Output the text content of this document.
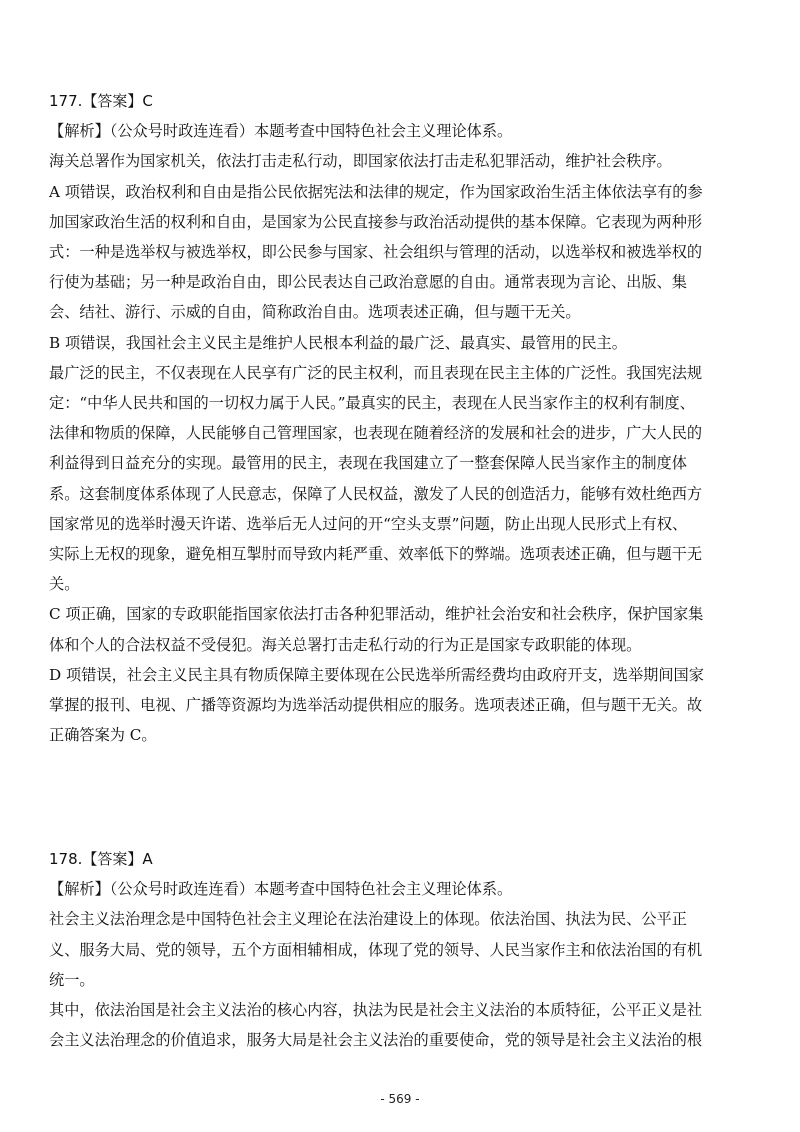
177.【答案】C
【解析】（公众号时政连连看）本题考查中国特色社会主义理论体系。
海关总署作为国家机关，依法打击走私行动，即国家依法打击走私犯罪活动，维护社会秩序。
A 项错误，政治权利和自由是指公民依据宪法和法律的规定，作为国家政治生活主体依法享有的参
加国家政治生活的权利和自由，是国家为公民直接参与政治活动提供的基本保障。它表现为两种形
式：一种是选举权与被选举权，即公民参与国家、社会组织与管理的活动，以选举权和被选举权的
行使为基础；另一种是政治自由，即公民表达自己政治意愿的自由。通常表现为言论、出版、集
会、结社、游行、示威的自由，简称政治自由。选项表述正确，但与题干无关。
B 项错误，我国社会主义民主是维护人民根本利益的最广泛、最真实、最管用的民主。
最广泛的民主，不仅表现在人民享有广泛的民主权利，而且表现在民主主体的广泛性。我国宪法规
定：“中华人民共和国的一切权力属于人民。”最真实的民主，表现在人民当家作主的权利有制度、
法律和物质的保障，人民能够自己管理国家，也表现在随着经济的发展和社会的进步，广大人民的
利益得到日益充分的实现。最管用的民主，表现在我国建立了一整套保障人民当家作主的制度体
系。这套制度体系体现了人民意志，保障了人民权益，激发了人民的创造活力，能够有效杜绝西方
国家常见的选举时漫天许诺、选举后无人过问的开“空头支票”问题，防止出现人民形式上有权、
实际上无权的现象，避免相互掣肘而导致内耗严重、效率低下的弊端。选项表述正确，但与题干无
关。
C 项正确，国家的专政职能指国家依法打击各种犯罪活动，维护社会治安和社会秩序，保护国家集
体和个人的合法权益不受侵犯。海关总署打击走私行动的行为正是国家专政职能的体现。
D 项错误，社会主义民主具有物质保障主要体现在公民选举所需经费均由政府开支，选举期间国家
掌握的报刊、电视、广播等资源均为选举活动提供相应的服务。选项表述正确，但与题干无关。故
正确答案为 C。
178.【答案】A
【解析】（公众号时政连连看）本题考查中国特色社会主义理论体系。
社会主义法治理念是中国特色社会主义理论在法治建设上的体现。依法治国、执法为民、公平正
义、服务大局、党的领导，五个方面相辅相成，体现了党的领导、人民当家作主和依法治国的有机
统一。
其中，依法治国是社会主义法治的核心内容，执法为民是社会主义法治的本质特征，公平正义是社
会主义法治理念的价值追求，服务大局是社会主义法治的重要使命，党的领导是社会主义法治的根
- 569 -
